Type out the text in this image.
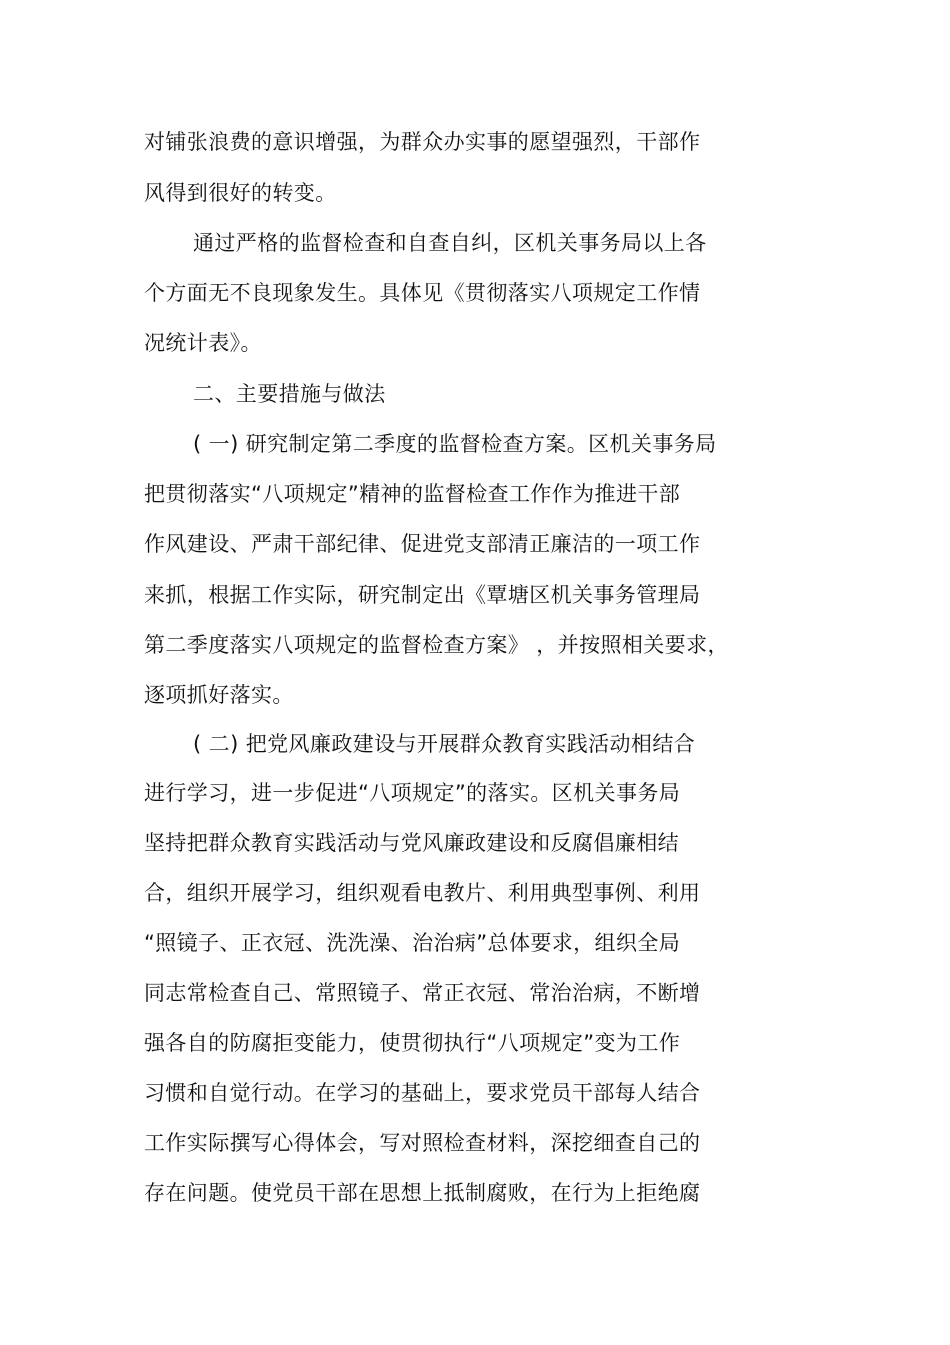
对铺张浪费的意识增强，为群众办实事的愿望强烈，干部作
风得到很好的转变。
通过严格的监督检查和自查自纠，区机关事务局以上各
个方面无不良现象发生。具体见《贯彻落实八项规定工作情
况统计表》。
二、主要措施与做法
( 一) 研究制定第二季度的监督检查方案。区机关事务局
把贯彻落实“八项规定”精神的监督检查工作作为推进干部
作风建设、严肃干部纪律、促进党支部清正廉洁的一项工作
来抓，根据工作实际，研究制定出《覃塘区机关事务管理局
第二季度落实八项规定的监督检查方案》 ，并按照相关要求，
逐项抓好落实。
( 二) 把党风廉政建设与开展群众教育实践活动相结合
进行学习，进一步促进“八项规定”的落实。区机关事务局
坚持把群众教育实践活动与党风廉政建设和反腐倡廉相结
合，组织开展学习，组织观看电教片、利用典型事例、利用
“照镜子、正衣冠、洗洗澡、治治病”总体要求，组织全局
同志常检查自己、常照镜子、常正衣冠、常治治病，不断增
强各自的防腐拒变能力，使贯彻执行“八项规定”变为工作
习惯和自觉行动。在学习的基础上，要求党员干部每人结合
工作实际撰写心得体会，写对照检查材料，深挖细查自己的
存在问题。使党员干部在思想上抵制腐败，在行为上拒绝腐
